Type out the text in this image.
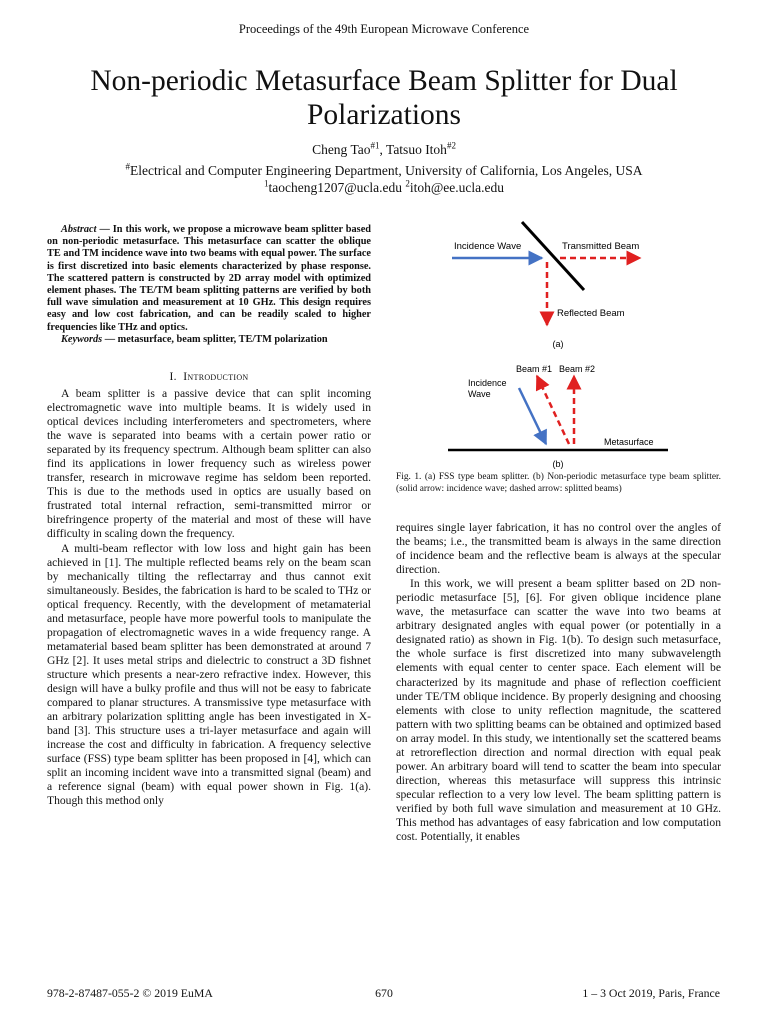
Proceedings of the 49th European Microwave Conference
Non-periodic Metasurface Beam Splitter for Dual Polarizations
Cheng Tao$^{\#1}$, Tatsuo Itoh$^{\#2}$
#Electrical and Computer Engineering Department, University of California, Los Angeles, USA
$^1$taocheng1207@ucla.edu $^2$itoh@ee.ucla.edu

Abstract — In this work, we propose a microwave beam splitter based on non-periodic metasurface. This metasurface can scatter the oblique TE and TM incidence wave into two beams with equal power. The surface is first discretized into basic elements characterized by phase response. The scattered pattern is constructed by 2D array model with optimized element phases. The TE/TM beam splitting patterns are verified by both full wave simulation and measurement at 10 GHz. This design requires easy and low cost fabrication, and can be readily scaled to higher frequencies like THz and optics.

Keywords — metasurface, beam splitter, TE/TM polarization

I. Introduction

A beam splitter is a passive device that can split incoming electromagnetic wave into multiple beams. It is widely used in optical devices including interferometers and spectrometers, where the wave is separated into beams with a certain power ratio or separated by its frequency spectrum. Although beam splitter can also find its applications in lower frequency such as wireless power transfer, research in microwave regime has seldom been reported. This is due to the methods used in optics are usually based on frustrated total internal refraction, semi-transmitted mirror or birefringence property of the material and most of these will have difficulty in scaling down the frequency.

A multi-beam reflector with low loss and hight gain has been achieved in [1]. The multiple reflected beams rely on the beam scan by mechanically tilting the reflectarray and thus cannot exit simultaneously. Besides, the fabrication is hard to be scaled to THz or optical frequency. Recently, with the development of metamaterial and metasurface, people have more powerful tools to manipulate the propagation of electromagnetic waves in a wide frequency range. A metamaterial based beam splitter has been demonstrated at around 7 GHz [2]. It uses metal strips and dielectric to construct a 3D fishnet structure which presents a near-zero refractive index. However, this design will have a bulky profile and thus will not be easy to fabricate compared to planar structures. A transmissive type metasurface with an arbitrary polarization splitting angle has been investigated in X-band [3]. This structure uses a tri-layer metasurface and again will increase the cost and difficulty in fabrication. A frequency selective surface (FSS) type beam splitter has been proposed in [4], which can split an incoming incident wave into a transmitted signal (beam) and a reference signal (beam) with equal power shown in Fig. 1(a). Though this method only

Incidence Wave	Transmitted Beam
Reflected Beam
(a)
Beam #1 Beam #2
Incidence
Wave
Metasurface
(b)
Fig. 1. (a) FSS type beam splitter. (b) Non-periodic metasurface type beam splitter. (solid arrow: incidence wave; dashed arrow: splitted beams)

requires single layer fabrication, it has no control over the angles of the beams; i.e., the transmitted beam is always in the same direction of incidence beam and the reflective beam is always at the specular direction.

In this work, we will present a beam splitter based on 2D non-periodic metasurface [5], [6]. For given oblique incidence plane wave, the metasurface can scatter the wave into two beams at arbitrary designated angles with equal power (or potentially in a designated ratio) as shown in Fig. 1(b). To design such metasurface, the whole surface is first discretized into many subwavelength elements with equal center to center space. Each element will be characterized by its magnitude and phase of reflection coefficient under TE/TM oblique incidence. By properly designing and choosing elements with close to unity reflection magnitude, the scattered pattern with two splitting beams can be obtained and optimized based on array model. In this study, we intentionally set the scattered beams at retroreflection direction and normal direction with equal peak power. An arbitrary board will tend to scatter the beam into specular direction, whereas this metasurface will suppress this intrinsic specular reflection to a very low level. The beam splitting pattern is verified by both full wave simulation and measurement at 10 GHz. This method has advantages of easy fabrication and low computation cost. Potentially, it enables

978-2-87487-055-2 © 2019 EuMA	670	1 – 3 Oct 2019, Paris, France
